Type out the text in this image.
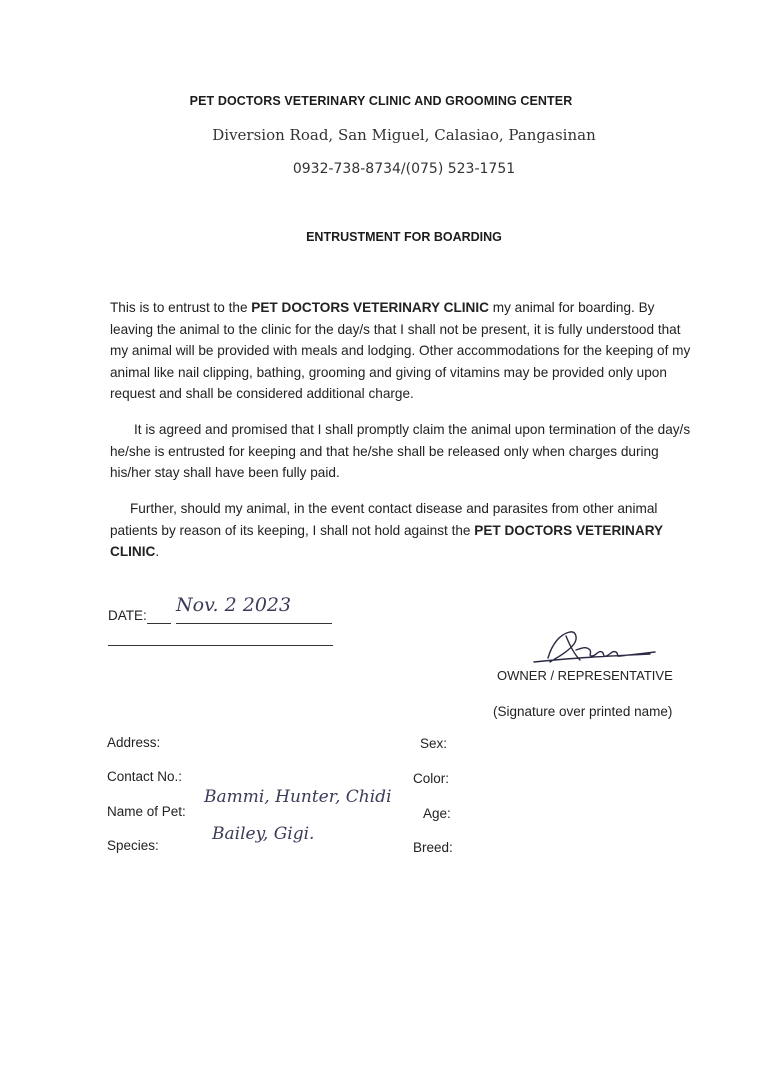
PET DOCTORS VETERINARY CLINIC AND GROOMING CENTER
Diversion Road, San Miguel, Calasiao, Pangasinan
0932-738-8734/(075) 523-1751
ENTRUSTMENT FOR BOARDING
This is to entrust to the PET DOCTORS VETERINARY CLINIC my animal for boarding. By leaving the animal to the clinic for the day/s that I shall not be present, it is fully understood that my animal will be provided with meals and lodging. Other accommodations for the keeping of my animal like nail clipping, bathing, grooming and giving of vitamins may be provided only upon request and shall be considered additional charge.
It is agreed and promised that I shall promptly claim the animal upon termination of the day/s he/she is entrusted for keeping and that he/she shall be released only when charges during his/her stay shall have been fully paid.
Further, should my animal, in the event contact disease and parasites from other animal patients by reason of its keeping, I shall not hold against the PET DOCTORS VETERINARY CLINIC.
DATE: Nov. 2 2023
OWNER / REPRESENTATIVE
(Signature over printed name)
Address:
Contact No.:
Name of Pet:
Bammi, Hunter, Chidi
Bailey, Gigi.
Species:
Sex:
Color:
Age:
Breed:
